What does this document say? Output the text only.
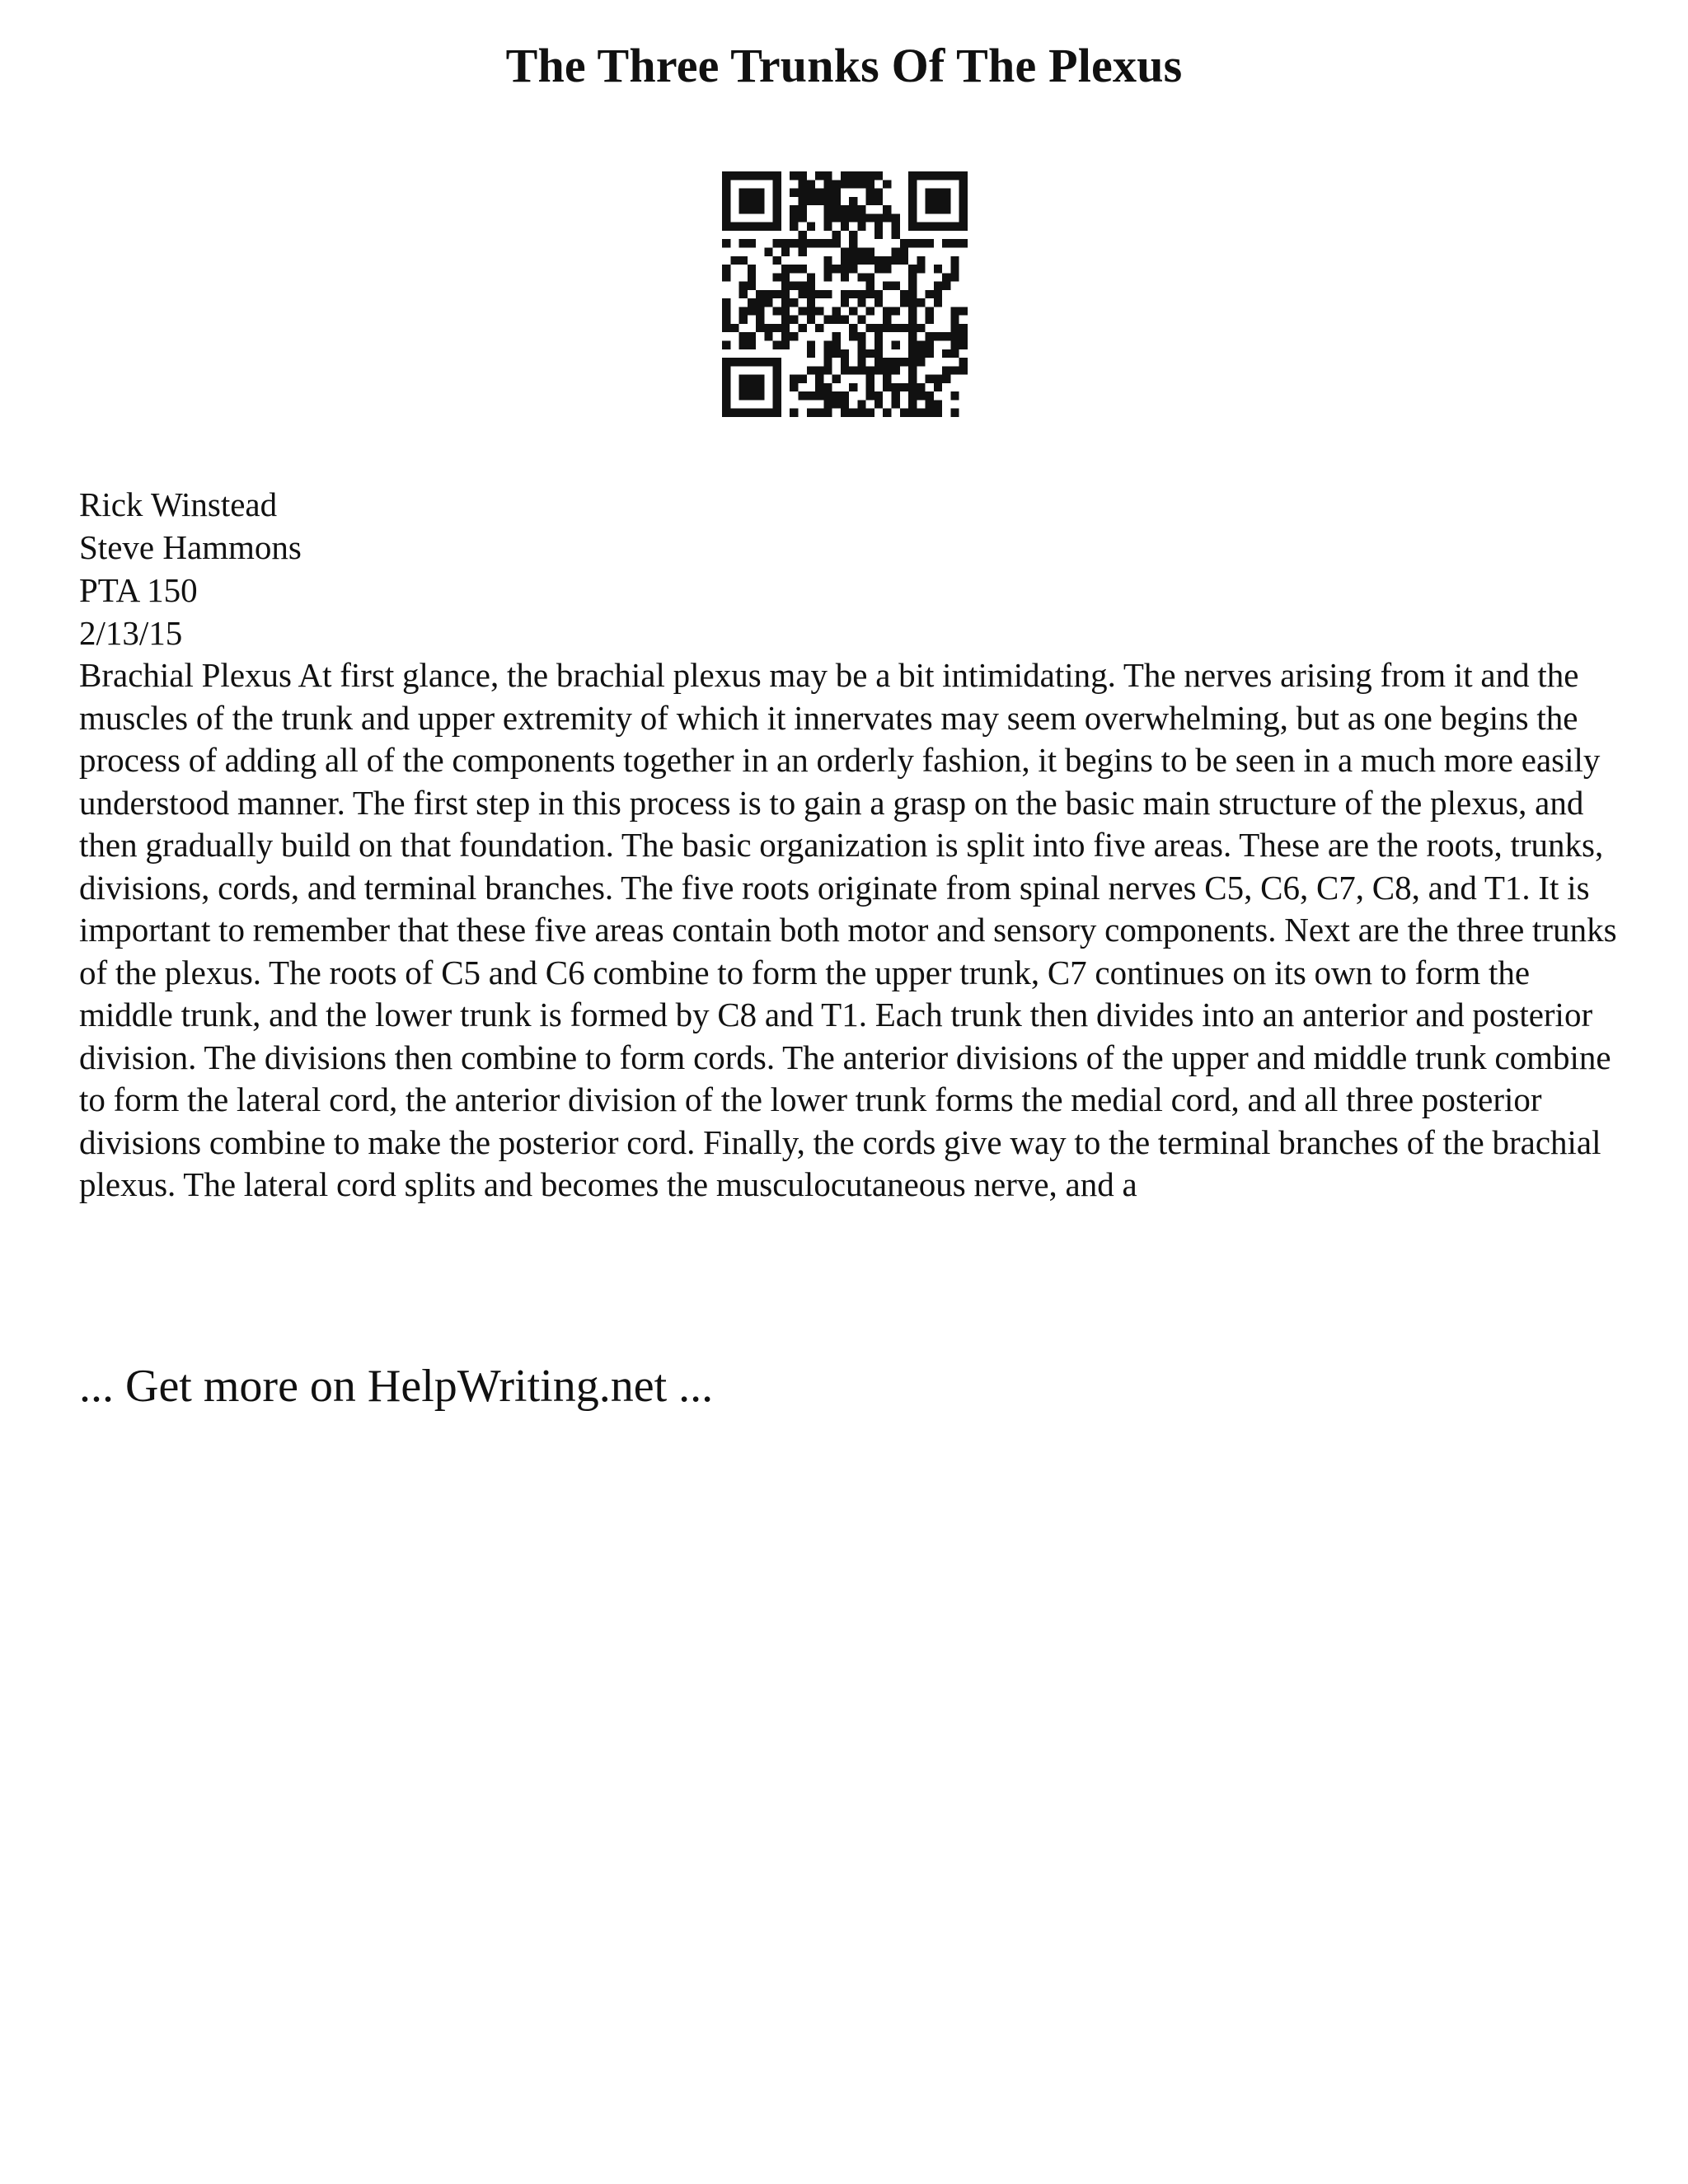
The Three Trunks Of The Plexus
Rick Winstead
Steve Hammons
PTA 150
2/13/15
Brachial Plexus At first glance, the brachial plexus may be a bit intimidating. The nerves arising from it and the muscles of the trunk and upper extremity of which it innervates may seem overwhelming, but as one begins the process of adding all of the components together in an orderly fashion, it begins to be seen in a much more easily understood manner. The first step in this process is to gain a grasp on the basic main structure of the plexus, and then gradually build on that foundation. The basic organization is split into five areas. These are the roots, trunks, divisions, cords, and terminal branches. The five roots originate from spinal nerves C5, C6, C7, C8, and T1. It is important to remember that these five areas contain both motor and sensory components. Next are the three trunks of the plexus. The roots of C5 and C6 combine to form the upper trunk, C7 continues on its own to form the middle trunk, and the lower trunk is formed by C8 and T1. Each trunk then divides into an anterior and posterior division. The divisions then combine to form cords. The anterior divisions of the upper and middle trunk combine to form the lateral cord, the anterior division of the lower trunk forms the medial cord, and all three posterior divisions combine to make the posterior cord. Finally, the cords give way to the terminal branches of the brachial plexus. The lateral cord splits and becomes the musculocutaneous nerve, and a
... Get more on HelpWriting.net ...
